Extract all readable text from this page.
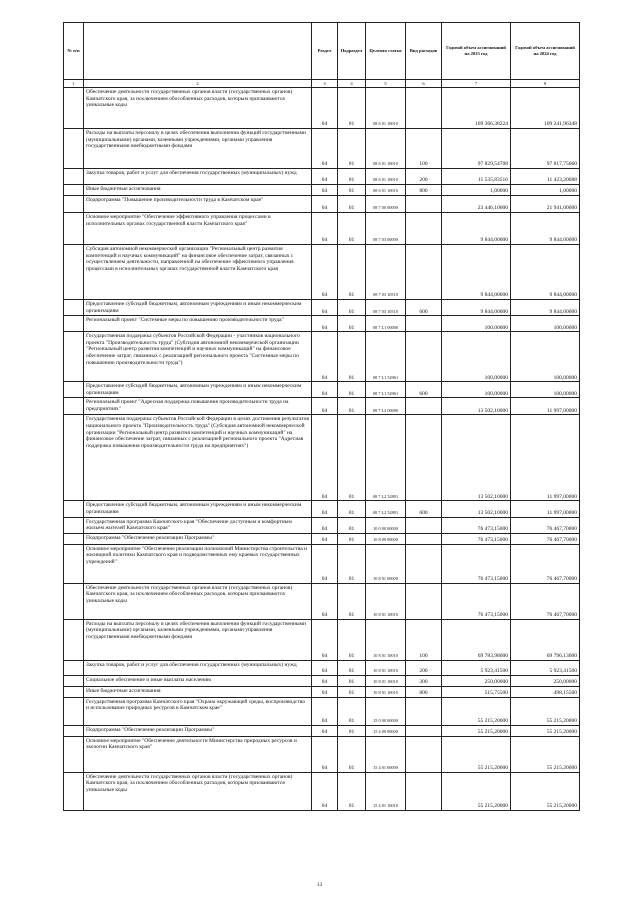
№ п/п		Раздел	Подраздел	Целевая статья	Вид расходов	Годовой объем ассигнований на 2023 год	Годовой объем ассигнований на 2024 год
1	2	3	4	5	6	7	8
	Обеспечение деятельности государственных органов власти (государственных органов) Камчатского края, за исключением обособленных расходов, которым присваиваются уникальные коды	04	01	08 6 01 10010		109 366,38224	109 241,96348
	Расходы на выплаты персоналу в целях обеспечения выполнения функций государственными (муниципальными) органами, казенными учреждениями, органами управления государственными внебюджетными фондами	04	01	08 6 01 10010	100	97 829,54708	97 817,75660
	Закупка товаров, работ и услуг для обеспечения государственных (муниципальных) нужд	04	01	08 6 01 10010	200	11 535,83516	11 423,20688
	Иные бюджетные ассигнования	04	01	08 6 01 10010	800	1,00000	1,00000
	Подпрограмма "Повышение производительности труда в Камчатском крае"	04	01	08 7 00 00000		23 446,10000	21 941,00000
	Основное мероприятие "Обеспечение эффективного управления процессами в исполнительных органах государственной власти Камчатского края"	04	01	08 7 03 00000		9 844,00000	9 844,00000
	Субсидия автономной некоммерческой организации "Региональный центр развития компетенций и научных коммуникаций" на финансовое обеспечение затрат, связанных с осуществлением деятельности, направленной на обеспечение эффективного управления процессами в исполнительных органах государственной власти Камчатского края	04	01	08 7 03 10510		9 844,00000	9 844,00000
	Предоставление субсидий бюджетным, автономным учреждениям и иным некоммерческим организациям	04	01	08 7 03 10510	600	9 844,00000	9 844,00000
	Региональный проект "Системные меры по повышению производительности труда"	04	01	08 7 L1 00000		100,00000	100,00000
	Государственная поддержка субъектов Российской Федерации - участников национального проекта "Производительность труда" (Субсидия автономной некоммерческой организации "Региональный центр развития компетенций и научных коммуникаций" на финансовое обеспечение затрат, связанных с реализацией регионального проекта "Системные меры по повышению производительности труда")	04	01	08 7 L1 52961		100,00000	100,00000
	Предоставление субсидий бюджетным, автономным учреждениям и иным некоммерческим организациям	04	01	08 7 L1 52961	600	100,00000	100,00000
	Региональный проект "Адресная поддержка повышения производительности труда на предприятиях"	04	01	08 7 L2 00000		13 502,10000	11 997,00000
	Государственная поддержка субъектов Российской Федерации в целях достижения результатов национального проекта "Производительность труда" (Субсидия автономной некоммерческой организации "Региональный центр развития компетенций и научных коммуникаций" на финансовое обеспечение затрат, связанных с реализацией регионального проекта "Адресная поддержка повышения производительности труда на предприятиях")	04	01	08 7 L2 52891		13 502,10000	11 997,00000
	Предоставление субсидий бюджетным, автономным учреждениям и иным некоммерческим организациям	04	01	08 7 L2 52891	600	13 502,10000	11 997,00000
	Государственная программа Камчатского края "Обеспечение доступным и комфортным жильем жителей Камчатского края"	04	01	10 0 00 00000		76 473,15000	76 467,70000
	Подпрограмма "Обеспечение реализации Программы"	04	01	10 8 00 00000		76 473,15000	76 467,70000
	Основное мероприятие "Обеспечение реализации полномочий Министерства строительства и жилищной политики Камчатского края и подведомственных ему краевых государственных учреждений"	04	01	10 8 01 00000		76 473,15000	76 467,70000
	Обеспечение деятельности государственных органов власти (государственных органов) Камчатского края, за исключением обособленных расходов, которым присваиваются уникальные коды	04	01	10 8 01 10010		76 473,15000	76 467,70000
	Расходы на выплаты персоналу в целях обеспечения выполнения функций государственными (муниципальными) органами, казенными учреждениями, органами управления государственными внебюджетными фондами	04	01	10 8 01 10010	100	69 783,98000	69 796,13000
	Закупка товаров, работ и услуг для обеспечения государственных (муниципальных) нужд	04	01	10 8 01 10010	200	5 923,41500	5 923,41500
	Социальное обеспечение и иные выплаты населению	04	01	10 8 01 10010	300	250,00000	250,00000
	Иные бюджетные ассигнования	04	01	10 8 01 10010	800	515,75500	498,15500
	Государственная программа Камчатского края "Охрана окружающей среды, воспроизводство и использование природных ресурсов в Камчатском крае"	04	01	15 0 00 00000		55 215,20000	55 215,20000
	Подпрограмма "Обеспечение реализации Программы"	04	01	15 4 00 00000		55 215,20000	55 215,20000
	Основное мероприятие "Обеспечение деятельности Министерства природных ресурсов и экологии Камчатского края"	04	01	15 4 01 00000		55 215,20000	55 215,20000
	Обеспечение деятельности государственных органов власти (государственных органов) Камчатского края, за исключением обособленных расходов, которым присваиваются уникальные коды	04	01	15 4 01 10010		55 215,20000	55 215,20000
13
